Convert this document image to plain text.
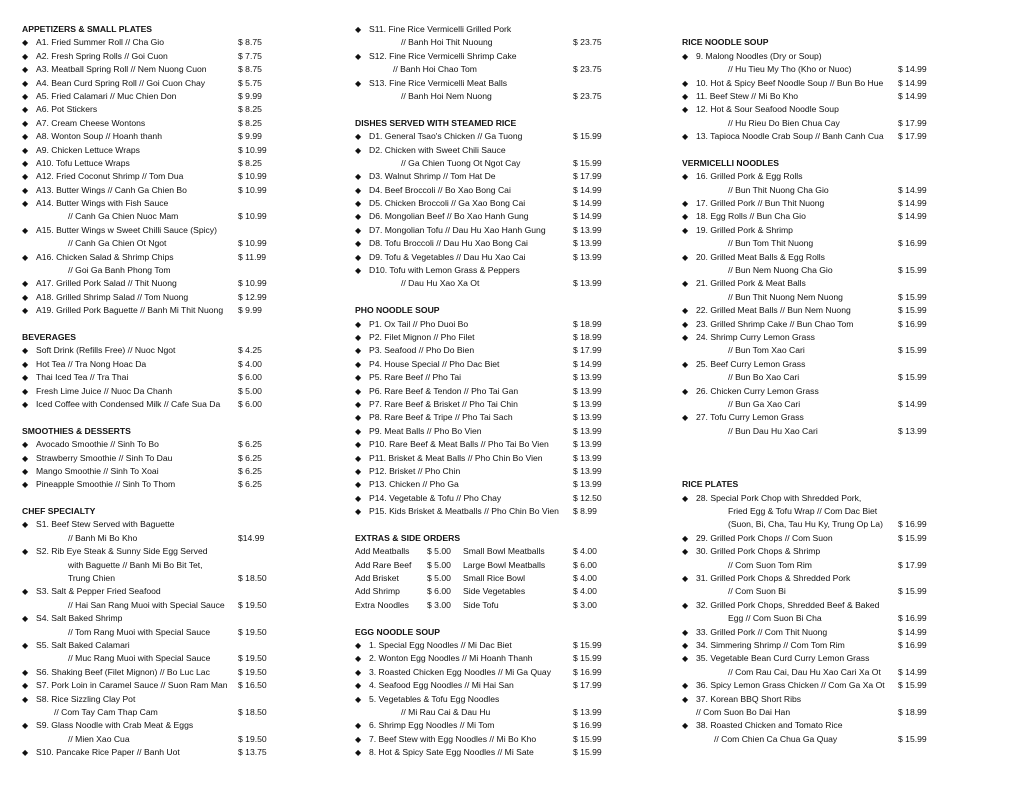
APPETIZERS & SMALL PLATES
◆ A1. Fried Summer Roll // Cha Gio	$ 8.75
◆ A2. Fresh Spring Rolls // Goi Cuon	$ 7.75
◆ A3. Meatball Spring Roll // Nem Nuong Cuon	$ 8.75
◆ A4. Bean Curd Spring Roll // Goi Cuon Chay	$ 5.75
◆ A5. Fried Calamari // Muc Chien Don	$ 9.99
◆ A6. Pot Stickers	$ 8.25
◆ A7. Cream Cheese Wontons	$ 8.25
◆ A8. Wonton Soup // Hoanh thanh	$ 9.99
◆ A9. Chicken Lettuce Wraps	$ 10.99
◆ A10. Tofu Lettuce Wraps	$ 8.25
◆ A12. Fried Coconut Shrimp // Tom Dua	$ 10.99
◆ A13. Butter Wings // Canh Ga Chien Bo	$ 10.99
◆ A14. Butter Wings with Fish Sauce
// Canh Ga Chien Nuoc Mam	$ 10.99
◆ A15. Butter Wings w Sweet Chilli Sauce (Spicy)
// Canh Ga Chien Ot Ngot	$ 10.99
◆ A16. Chicken Salad & Shrimp Chips	$ 11.99
// Goi Ga Banh Phong Tom
◆ A17. Grilled Pork Salad // Thit Nuong	$ 10.99
◆ A18. Grilled Shrimp Salad // Tom Nuong	$ 12.99
◆ A19. Grilled Pork Baguette // Banh Mi Thit Nuong $ 9.99
BEVERAGES
◆ Soft Drink (Refills Free) // Nuoc Ngot	$ 4.25
◆ Hot Tea // Tra Nong Hoac Da	$ 4.00
◆ Thai Iced Tea // Tra Thai	$ 6.00
◆ Fresh Lime Juice // Nuoc Da Chanh	$ 5.00
◆ Iced Coffee with Condensed Milk // Cafe Sua Da $ 6.00
SMOOTHIES & DESSERTS
◆ Avocado Smoothie // Sinh To Bo	$ 6.25
◆ Strawberry Smoothie // Sinh To Dau	$ 6.25
◆ Mango Smoothie // Sinh To Xoai	$ 6.25
◆ Pineapple Smoothie // Sinh To Thom	$ 6.25
CHEF SPECIALTY
◆ S1. Beef Stew Served with Baguette
// Banh Mi Bo Kho	$14.99
◆ S2. Rib Eye Steak & Sunny Side Egg Served
with Baguette // Banh Mi Bo Bit Tet,
Trung Chien	$ 18.50
◆ S3. Salt & Pepper Fried Seafood
// Hai San Rang Muoi with Special Sauce $ 19.50
◆ S4. Salt Baked Shrimp
// Tom Rang Muoi with Special Sauce	$ 19.50
◆ S5. Salt Baked Calamari
// Muc Rang Muoi with Special Sauce	$ 19.50
◆ S6. Shaking Beef (Filet Mignon) // Bo Luc Lac	$ 19.50
◆ S7. Pork Loin in Caramel Sauce // Suon Ram Man $ 16.50
◆ S8. Rice Sizzling Clay Pot
// Com Tay Cam Thap Cam	$ 18.50
◆ S9. Glass Noodle with Crab Meat & Eggs
// Mien Xao Cua	$ 19.50
◆ S10. Pancake Rice Paper // Banh Uot	$ 13.75
◆ S11. Fine Rice Vermicelli Grilled Pork
// Banh Hoi Thit Nuoung	$ 23.75
◆ S12. Fine Rice Vermicelli Shrimp Cake
// Banh Hoi Chao Tom	$ 23.75
◆ S13. Fine Rice Vermicelli Meat Balls
// Banh Hoi Nem Nuong	$ 23.75
DISHES SERVED WITH STEAMED RICE
◆ D1. General Tsao's Chicken // Ga Tuong	$ 15.99
◆ D2. Chicken with Sweet Chili Sauce
// Ga Chien Tuong Ot Ngot Cay	$ 15.99
◆ D3. Walnut Shrimp // Tom Hat De	$ 17.99
◆ D4. Beef Broccoli // Bo Xao Bong Cai	$ 14.99
◆ D5. Chicken Broccoli // Ga Xao Bong Cai	$ 14.99
◆ D6. Mongolian Beef // Bo Xao Hanh Gung	$ 14.99
◆ D7. Mongolian Tofu // Dau Hu Xao Hanh Gung	$ 13.99
◆ D8. Tofu Broccoli // Dau Hu Xao Bong Cai	$ 13.99
◆ D9. Tofu & Vegetables // Dau Hu Xao Cai	$ 13.99
◆ D10. Tofu with Lemon Grass & Peppers
// Dau Hu Xao Xa Ot	$ 13.99
PHO NOODLE SOUP
◆ P1. Ox Tail // Pho Duoi Bo	$ 18.99
◆ P2. Filet Mignon // Pho Filet	$ 18.99
◆ P3. Seafood // Pho Do Bien	$ 17.99
◆ P4. House Special // Pho Dac Biet	$ 14.99
◆ P5. Rare Beef // Pho Tai	$ 13.99
◆ P6. Rare Beef & Tendon // Pho Tai Gan	$ 13.99
◆ P7. Rare Beef & Brisket // Pho Tai Chin	$ 13.99
◆ P8. Rare Beef & Tripe // Pho Tai Sach	$ 13.99
◆ P9. Meat Balls // Pho Bo Vien	$ 13.99
◆ P10. Rare Beef & Meat Balls // Pho Tai Bo Vien	$ 13.99
◆ P11. Brisket & Meat Balls // Pho Chin Bo Vien	$ 13.99
◆ P12. Brisket // Pho Chin	$ 13.99
◆ P13. Chicken // Pho Ga	$ 13.99
◆ P14. Vegetable & Tofu // Pho Chay	$ 12.50
◆ P15. Kids Brisket & Meatballs // Pho Chin Bo Vien $ 8.99
EXTRAS & SIDE ORDERS
Add Meatballs $ 5.00 Small Bowl Meatballs	$ 4.00
Add Rare Beef $ 5.00 Large Bowl Meatballs	$ 6.00
Add Brisket	$ 5.00 Small Rice Bowl	$ 4.00
Add Shrimp	$ 6.00 Side Vegetables	$ 4.00
Extra Noodles $ 3.00 Side Tofu	$ 3.00
EGG NOODLE SOUP
◆ 1. Special Egg Noodles // Mi Dac Biet	$ 15.99
◆ 2. Wonton Egg Noodles // Mi Hoanh Thanh	$ 15.99
◆ 3. Roasted Chicken Egg Noodles // Mi Ga Quay	$ 16.99
◆ 4. Seafood Egg Noodles // Mi Hai San	$ 17.99
◆ 5. Vegetables & Tofu Egg Noodles
// Mi Rau Cai & Dau Hu	$ 13.99
◆ 6. Shrimp Egg Noodles // Mi Tom	$ 16.99
◆ 7. Beef Stew with Egg Noodles // Mi Bo Kho	$ 15.99
◆ 8. Hot & Spicy Sate Egg Noodles // Mi Sate	$ 15.99
RICE NOODLE SOUP
◆ 9. Malong Noodles (Dry or Soup)
// Hu Tieu My Tho (Kho or Nuoc)	$ 14.99
◆ 10. Hot & Spicy Beef Noodle Soup // Bun Bo Hue $ 14.99
◆ 11. Beef Stew // Mi Bo Kho	$ 14.99
◆ 12. Hot & Sour Seafood Noodle Soup
// Hu Rieu Do Bien Chua Cay	$ 17.99
◆ 13. Tapioca Noodle Crab Soup // Banh Canh Cua $ 17.99
VERMICELLI NOODLES
◆ 16. Grilled Pork & Egg Rolls
// Bun Thit Nuong Cha Gio	$ 14.99
◆ 17. Grilled Pork // Bun Thit Nuong	$ 14.99
◆ 18. Egg Rolls // Bun Cha Gio	$ 14.99
◆ 19. Grilled Pork & Shrimp
// Bun Tom Thit Nuong	$ 16.99
◆ 20. Grilled Meat Balls & Egg Rolls
// Bun Nem Nuong Cha Gio	$ 15.99
◆ 21. Grilled Pork & Meat Balls
// Bun Thit Nuong Nem Nuong	$ 15.99
◆ 22. Grilled Meat Balls // Bun Nem Nuong	$ 15.99
◆ 23. Grilled Shrimp Cake // Bun Chao Tom	$ 16.99
◆ 24. Shrimp Curry Lemon Grass
// Bun Tom Xao Cari	$ 15.99
◆ 25. Beef Curry Lemon Grass
// Bun Bo Xao Cari	$ 15.99
◆ 26. Chicken Curry Lemon Grass
// Bun Ga Xao Cari	$ 14.99
◆ 27. Tofu Curry Lemon Grass
// Bun Dau Hu Xao Cari	$ 13.99
RICE PLATES
◆ 28. Special Pork Chop with Shredded Pork,
Fried Egg & Tofu Wrap // Com Dac Biet
(Suon, Bi, Cha, Tau Hu Ky, Trung Op La) $ 16.99
◆ 29. Grilled Pork Chops // Com Suon	$ 15.99
◆ 30. Grilled Pork Chops & Shrimp
// Com Suon Tom Rim	$ 17.99
◆ 31. Grilled Pork Chops & Shredded Pork
// Com Suon Bi	$ 15.99
◆ 32. Grilled Pork Chops, Shredded Beef & Baked
Egg // Com Suon Bi Cha	$ 16.99
◆ 33. Grilled Pork // Com Thit Nuong	$ 14.99
◆ 34. Simmering Shrimp // Com Tom Rim	$ 16.99
◆ 35. Vegetable Bean Curd Curry Lemon Grass
// Com Rau Cai, Dau Hu Xao Cari Xa Ot $ 14.99
◆ 36. Spicy Lemon Grass Chicken // Com Ga Xa Ot $ 15.99
◆ 37. Korean BBQ Short Ribs
// Com Suon Bo Dai Han	$ 18.99
◆ 38. Roasted Chicken and Tomato Rice
// Com Chien Ca Chua Ga Quay	$ 15.99
